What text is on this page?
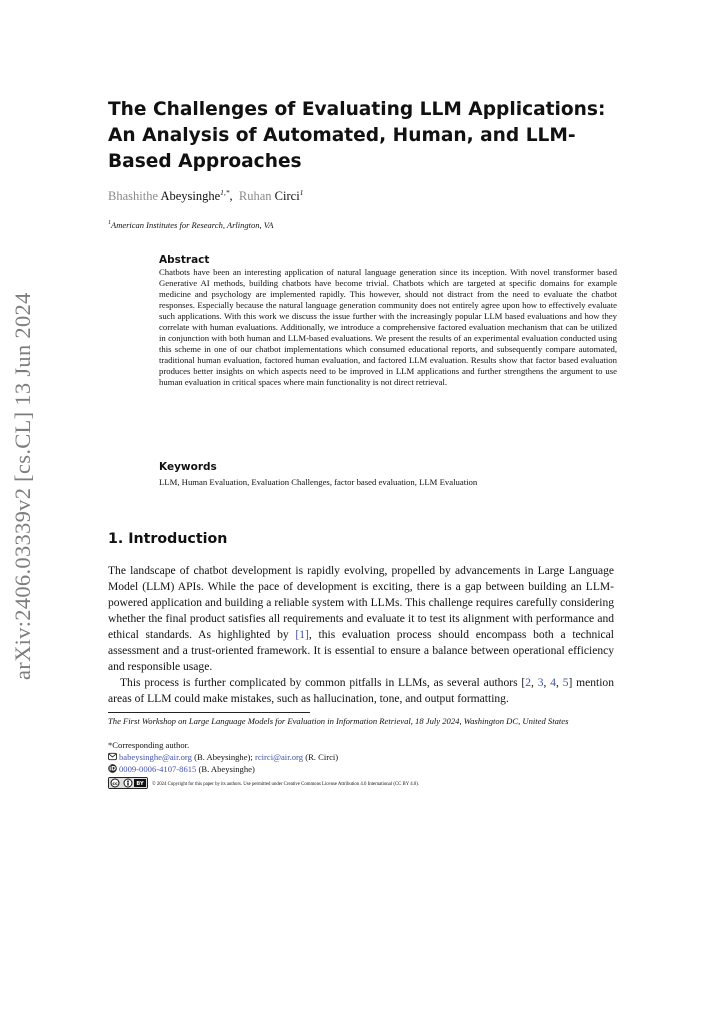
arXiv:2406.03339v2 [cs.CL] 13 Jun 2024
The Challenges of Evaluating LLM Applications: An Analysis of Automated, Human, and LLM-Based Approaches
Bhashithe Abeysinghe$^{1,*}$,  Ruhan Circi$^1$
$^1$American Institutes for Research, Arlington, VA
Abstract

Chatbots have been an interesting application of natural language generation since its inception. With novel transformer based Generative AI methods, building chatbots have become trivial. Chatbots which are targeted at specific domains for example medicine and psychology are implemented rapidly. This however, should not distract from the need to evaluate the chatbot responses. Especially because the natural language generation community does not entirely agree upon how to effectively evaluate such applications. With this work we discuss the issue further with the increasingly popular LLM based evaluations and how they correlate with human evaluations. Additionally, we introduce a comprehensive factored evaluation mechanism that can be utilized in conjunction with both human and LLM-based evaluations. We present the results of an experimental evaluation conducted using this scheme in one of our chatbot implementations which consumed educational reports, and subsequently compare automated, traditional human evaluation, factored human evaluation, and factored LLM evaluation. Results show that factor based evaluation produces better insights on which aspects need to be improved in LLM applications and further strengthens the argument to use human evaluation in critical spaces where main functionality is not direct retrieval.

Keywords
LLM, Human Evaluation, Evaluation Challenges, factor based evaluation, LLM Evaluation
1. Introduction

The landscape of chatbot development is rapidly evolving, propelled by advancements in Large Language Model (LLM) APIs. While the pace of development is exciting, there is a gap between building an LLM-powered application and building a reliable system with LLMs. This challenge requires carefully considering whether the final product satisfies all requirements and evaluate it to test its alignment with performance and ethical standards. As highlighted by [1], this evaluation process should encompass both a technical assessment and a trust-oriented framework. It is essential to ensure a balance between operational efficiency and responsible usage.

This process is further complicated by common pitfalls in LLMs, as several authors [2, 3, 4, 5] mention areas of LLM could make mistakes, such as hallucination, tone, and output formatting.

The First Workshop on Large Language Models for Evaluation in Information Retrieval, 18 July 2024, Washington DC, United States

*Corresponding author.
babeysinghe@air.org (B. Abeysinghe); rcirci@air.org (R. Circi)
iD 0009-0006-4107-8615 (B. Abeysinghe)
cc	BY © 2024 Copyright for this paper by its authors. Use permitted under Creative Commons License Attribution 4.0 International (CC BY 4.0).
